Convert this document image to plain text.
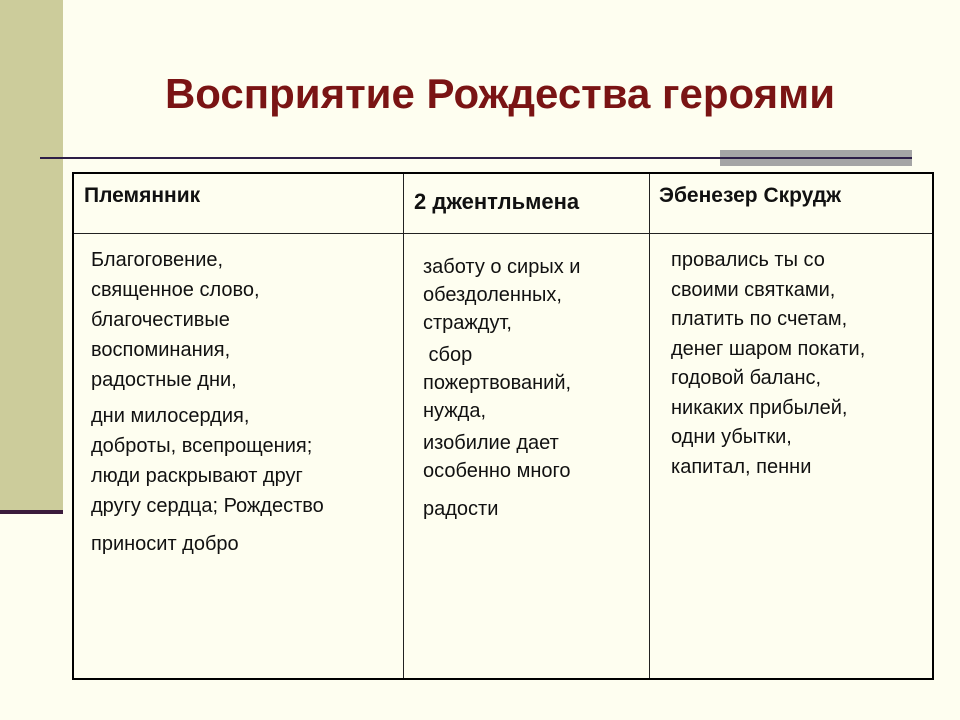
Восприятие Рождества героями
Племянник	2 джентльмена	Эбенезер Скрудж

Благоговение,
священное слово,
благочестивые
воспоминания,
радостные дни,

дни милосердия,
доброты, всепрощения;

люди раскрывают друг
другу сердца; Рождество

приносит добро

заботу о сирых и
обездоленных,
страждут,

сбор
пожертвований,
нужда,

изобилие дает
особенно много

радости

провались ты со
своими святками,
платить по счетам,
денег шаром покати,
годовой баланс,
никаких прибылей,
одни убытки,
капитал, пенни
